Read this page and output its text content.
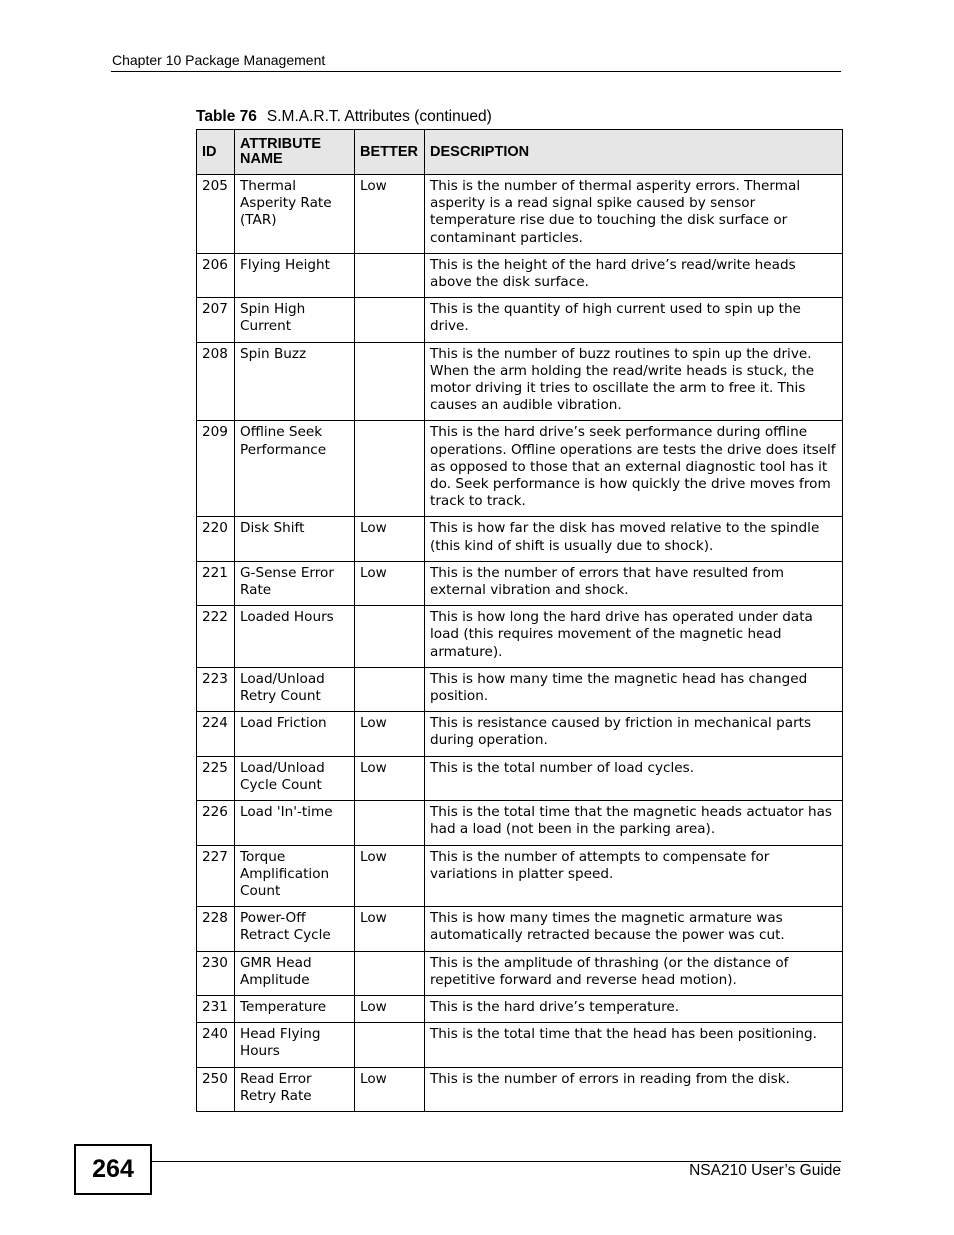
Chapter 10 Package Management
Table 76 S.M.A.R.T. Attributes (continued)
ID	ATTRIBUTE NAME	BETTER	DESCRIPTION
205	Thermal Asperity Rate (TAR)	Low	This is the number of thermal asperity errors. Thermal asperity is a read signal spike caused by sensor temperature rise due to touching the disk surface or contaminant particles.
206	Flying Height		This is the height of the hard drive’s read/write heads above the disk surface.
207	Spin High Current		This is the quantity of high current used to spin up the drive.
208	Spin Buzz		This is the number of buzz routines to spin up the drive. When the arm holding the read/write heads is stuck, the motor driving it tries to oscillate the arm to free it. This causes an audible vibration.
209	Offline Seek Performance		This is the hard drive’s seek performance during offline operations. Offline operations are tests the drive does itself as opposed to those that an external diagnostic tool has it do. Seek performance is how quickly the drive moves from track to track.
220	Disk Shift	Low	This is how far the disk has moved relative to the spindle (this kind of shift is usually due to shock).
221	G-Sense Error Rate	Low	This is the number of errors that have resulted from external vibration and shock.
222	Loaded Hours		This is how long the hard drive has operated under data load (this requires movement of the magnetic head armature).
223	Load/Unload Retry Count		This is how many time the magnetic head has changed position.
224	Load Friction	Low	This is resistance caused by friction in mechanical parts during operation.
225	Load/Unload Cycle Count	Low	This is the total number of load cycles.
226	Load 'In'-time		This is the total time that the magnetic heads actuator has had a load (not been in the parking area).
227	Torque Amplification Count	Low	This is the number of attempts to compensate for variations in platter speed.
228	Power-Off Retract Cycle	Low	This is how many times the magnetic armature was automatically retracted because the power was cut.
230	GMR Head Amplitude		This is the amplitude of thrashing (or the distance of repetitive forward and reverse head motion).
231	Temperature	Low	This is the hard drive’s temperature.
240	Head Flying Hours		This is the total time that the head has been positioning.
250	Read Error Retry Rate	Low	This is the number of errors in reading from the disk.
264	NSA210 User’s Guide
